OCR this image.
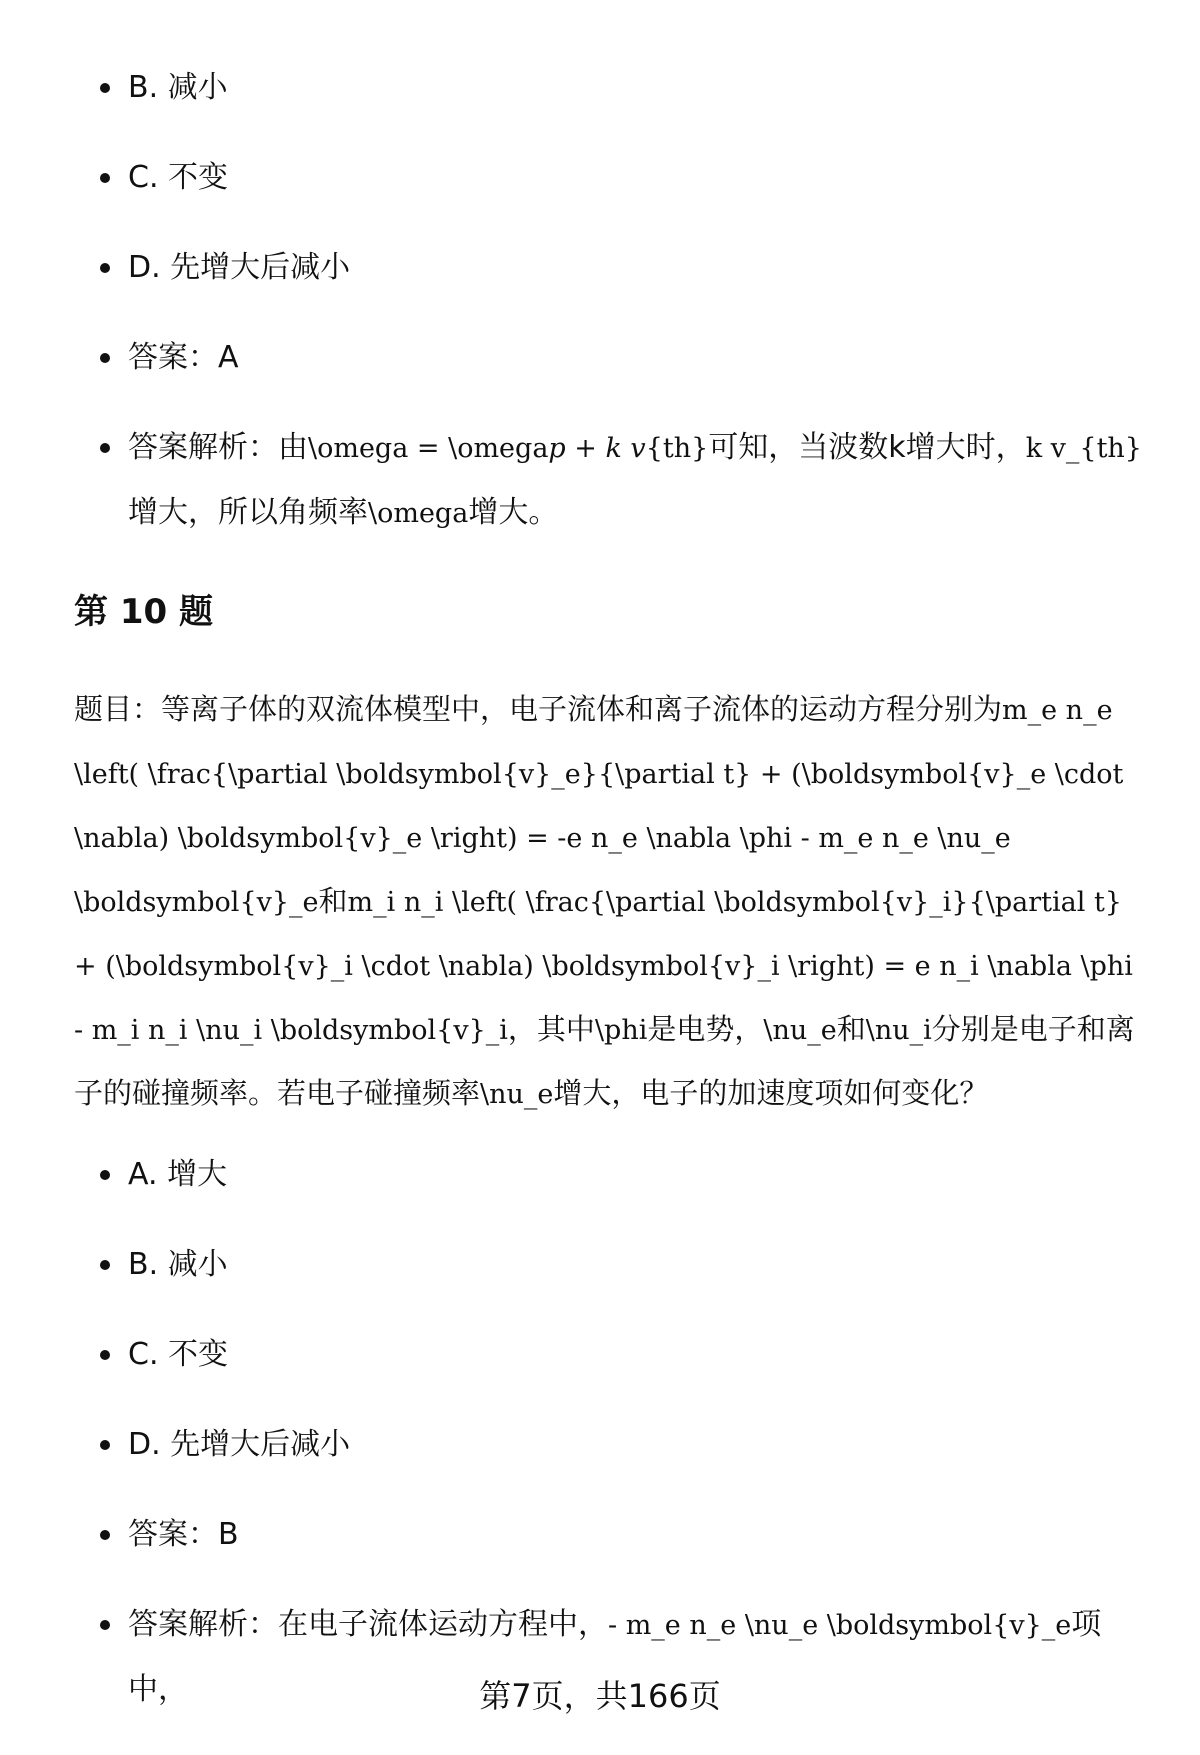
B. 减小
C. 不变
D. 先增大后减小
答案：A
答案解析：由\omega = \omegap + k v{th}可知，当波数k增大时，k v_{th}增大，所以角频率\omega增大。
第 10 题

题目：等离子体的双流体模型中，电子流体和离子流体的运动方程分别为m_e n_e \left( \frac{\partial \boldsymbol{v}_e}{\partial t} + (\boldsymbol{v}_e \cdot \nabla) \boldsymbol{v}_e \right) = -e n_e \nabla \phi - m_e n_e \nu_e \boldsymbol{v}_e和m_i n_i \left( \frac{\partial \boldsymbol{v}_i}{\partial t} + (\boldsymbol{v}_i \cdot \nabla) \boldsymbol{v}_i \right) = e n_i \nabla \phi - m_i n_i \nu_i \boldsymbol{v}_i，其中\phi是电势，\nu_e和\nu_i分别是电子和离子的碰撞频率。若电子碰撞频率\nu_e增大，电子的加速度项如何变化？

A. 增大
B. 减小
C. 不变
D. 先增大后减小
答案：B
答案解析：在电子流体运动方程中，- m_e n_e \nu_e \boldsymbol{v}_e项中，	第7页，共166页
